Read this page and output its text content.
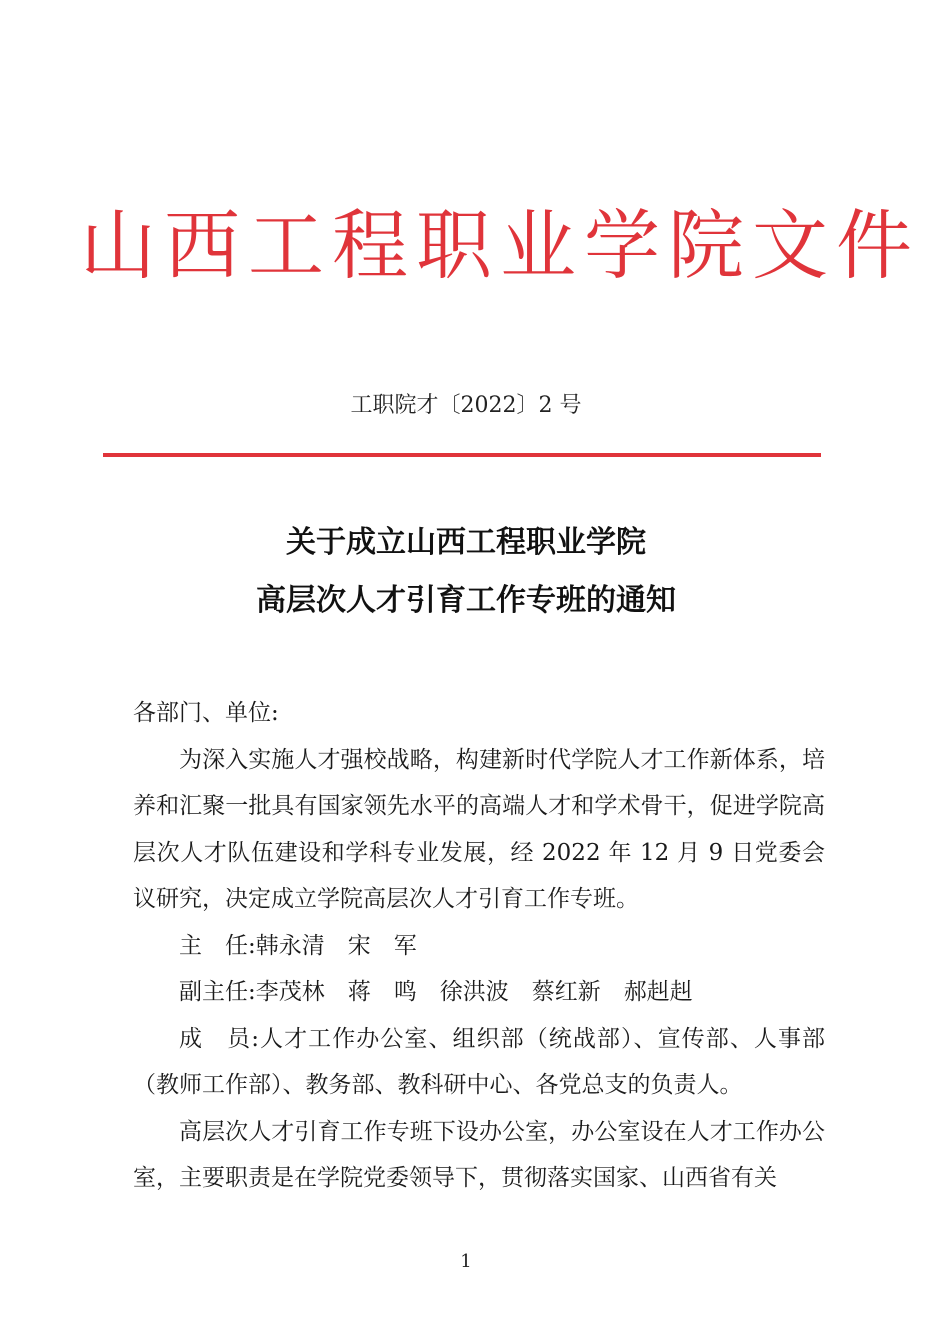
山西工程职业学院文件
工职院才〔2022〕2 号
关于成立山西工程职业学院
高层次人才引育工作专班的通知

各部门、单位:

为深入实施人才强校战略，构建新时代学院人才工作新体系，培养和汇聚一批具有国家领先水平的高端人才和学术骨干，促进学院高层次人才队伍建设和学科专业发展，经 2022 年 12 月 9 日党委会议研究，决定成立学院高层次人才引育工作专班。

主　任:韩永清 宋　军

副主任:李茂林 蒋　鸣 徐洪波 蔡红新 郝赳赳

成　员:人才工作办公室、组织部（统战部）、宣传部、人事部（教师工作部）、教务部、教科研中心、各党总支的负责人。

高层次人才引育工作专班下设办公室，办公室设在人才工作办公室，主要职责是在学院党委领导下，贯彻落实国家、山西省有关

1
